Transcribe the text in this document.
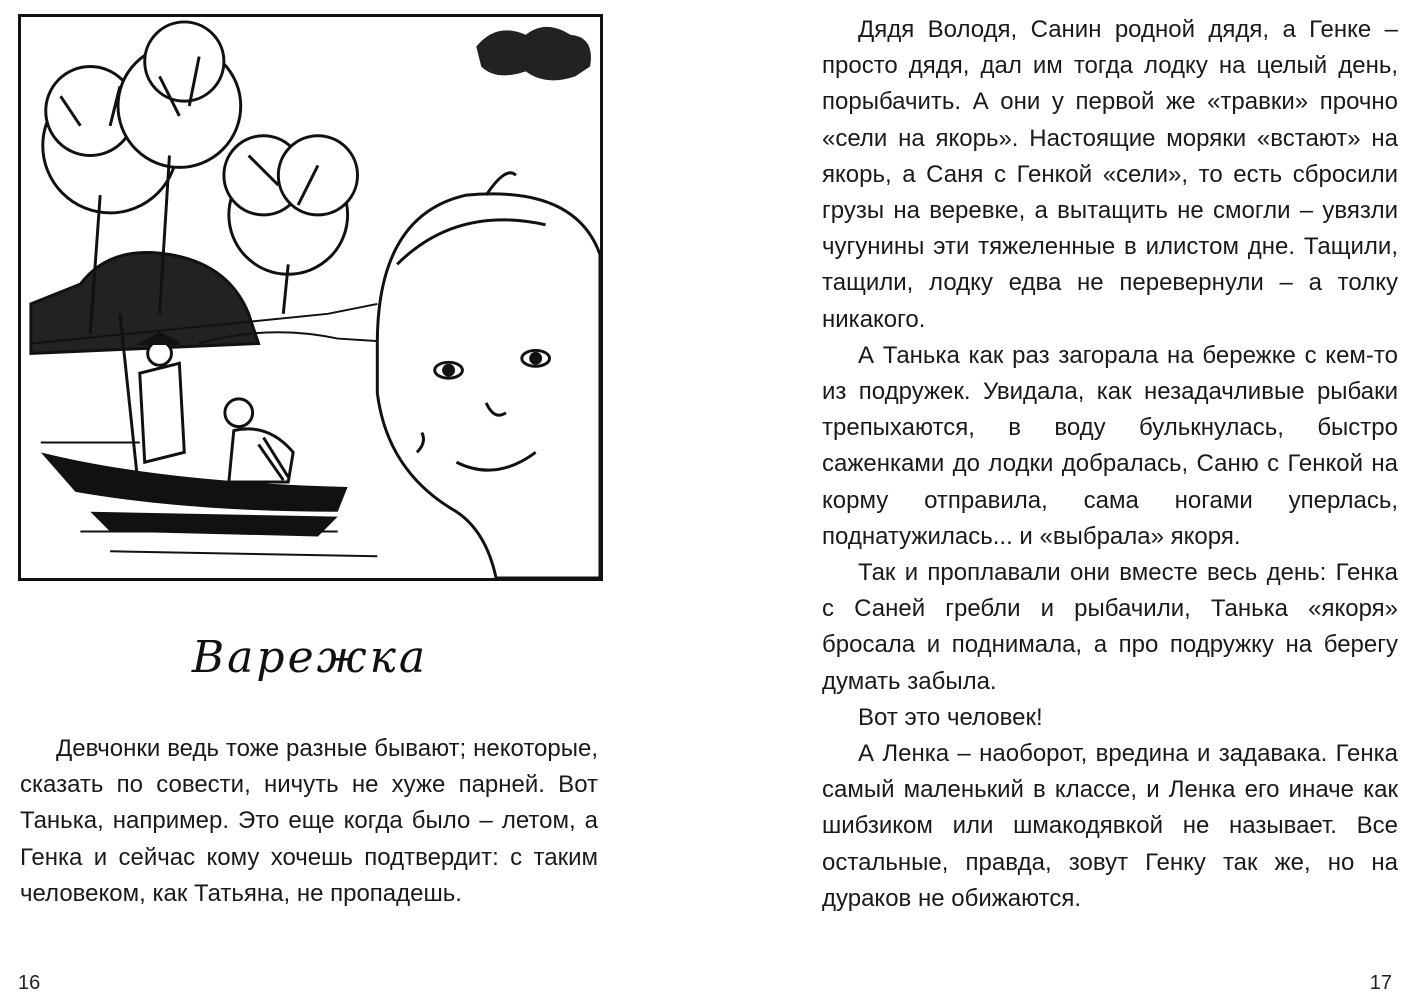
Варежка

Девчонки ведь тоже разные бывают; некоторые, сказать по совести, ничуть не хуже парней. Вот Танька, например. Это еще когда было – летом, а Генка и сейчас кому хочешь подтвердит: с таким человеком, как Татьяна, не пропадешь.

16

Дядя Володя, Санин родной дядя, а Генке – просто дядя, дал им тогда лодку на целый день, порыбачить. А они у первой же «травки» прочно «сели на якорь». Настоящие моряки «встают» на якорь, а Саня с Генкой «сели», то есть сбросили грузы на веревке, а вытащить не смогли – увязли чугунины эти тяжеленные в илистом дне. Тащили, тащили, лодку едва не перевернули – а толку никакого.

А Танька как раз загорала на бережке с кем-то из подружек. Увидала, как незадачливые рыбаки трепыхаются, в воду булькнулась, быстро саженками до лодки добралась, Саню с Генкой на корму отправила, сама ногами уперлась, поднатужилась... и «выбрала» якоря.

Так и проплавали они вместе весь день: Генка с Саней гребли и рыбачили, Танька «якоря» бросала и поднимала, а про подружку на берегу думать забыла.

Вот это человек!

А Ленка – наоборот, вредина и задавака. Генка самый маленький в классе, и Ленка его иначе как шибзиком или шмакодявкой не называет. Все остальные, правда, зовут Генку так же, но на дураков не обижаются.

17
